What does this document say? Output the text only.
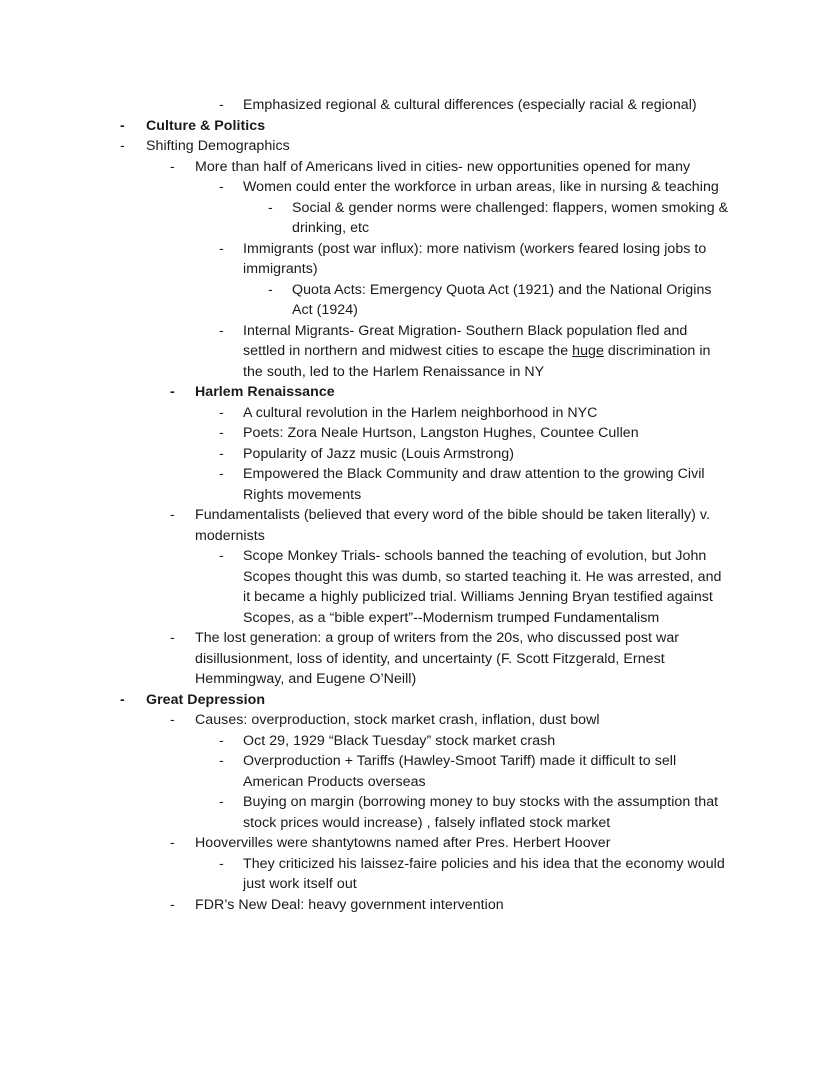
- Emphasized regional & cultural differences (especially racial & regional)
- Culture & Politics
- Shifting Demographics
- More than half of Americans lived in cities- new opportunities opened for many
- Women could enter the workforce in urban areas, like in nursing & teaching
- Social & gender norms were challenged: flappers, women smoking & drinking, etc
- Immigrants (post war influx): more nativism (workers feared losing jobs to immigrants)
- Quota Acts: Emergency Quota Act (1921) and the National Origins Act (1924)
- Internal Migrants- Great Migration- Southern Black population fled and settled in northern and midwest cities to escape the huge discrimination in the south, led to the Harlem Renaissance in NY
- Harlem Renaissance
- A cultural revolution in the Harlem neighborhood in NYC
- Poets: Zora Neale Hurtson, Langston Hughes, Countee Cullen
- Popularity of Jazz music (Louis Armstrong)
- Empowered the Black Community and draw attention to the growing Civil Rights movements
- Fundamentalists (believed that every word of the bible should be taken literally) v. modernists
- Scope Monkey Trials- schools banned the teaching of evolution, but John Scopes thought this was dumb, so started teaching it. He was arrested, and it became a highly publicized trial. Williams Jenning Bryan testified against Scopes, as a “bible expert”--Modernism trumped Fundamentalism
- The lost generation: a group of writers from the 20s, who discussed post war disillusionment, loss of identity, and uncertainty (F. Scott Fitzgerald, Ernest Hemmingway, and Eugene O’Neill)
- Great Depression
- Causes: overproduction, stock market crash, inflation, dust bowl
- Oct 29, 1929 “Black Tuesday” stock market crash
- Overproduction + Tariffs (Hawley-Smoot Tariff) made it difficult to sell American Products overseas
- Buying on margin (borrowing money to buy stocks with the assumption that stock prices would increase) , falsely inflated stock market
- Hoovervilles were shantytowns named after Pres. Herbert Hoover
- They criticized his laissez-faire policies and his idea that the economy would just work itself out
- FDR’s New Deal: heavy government intervention
